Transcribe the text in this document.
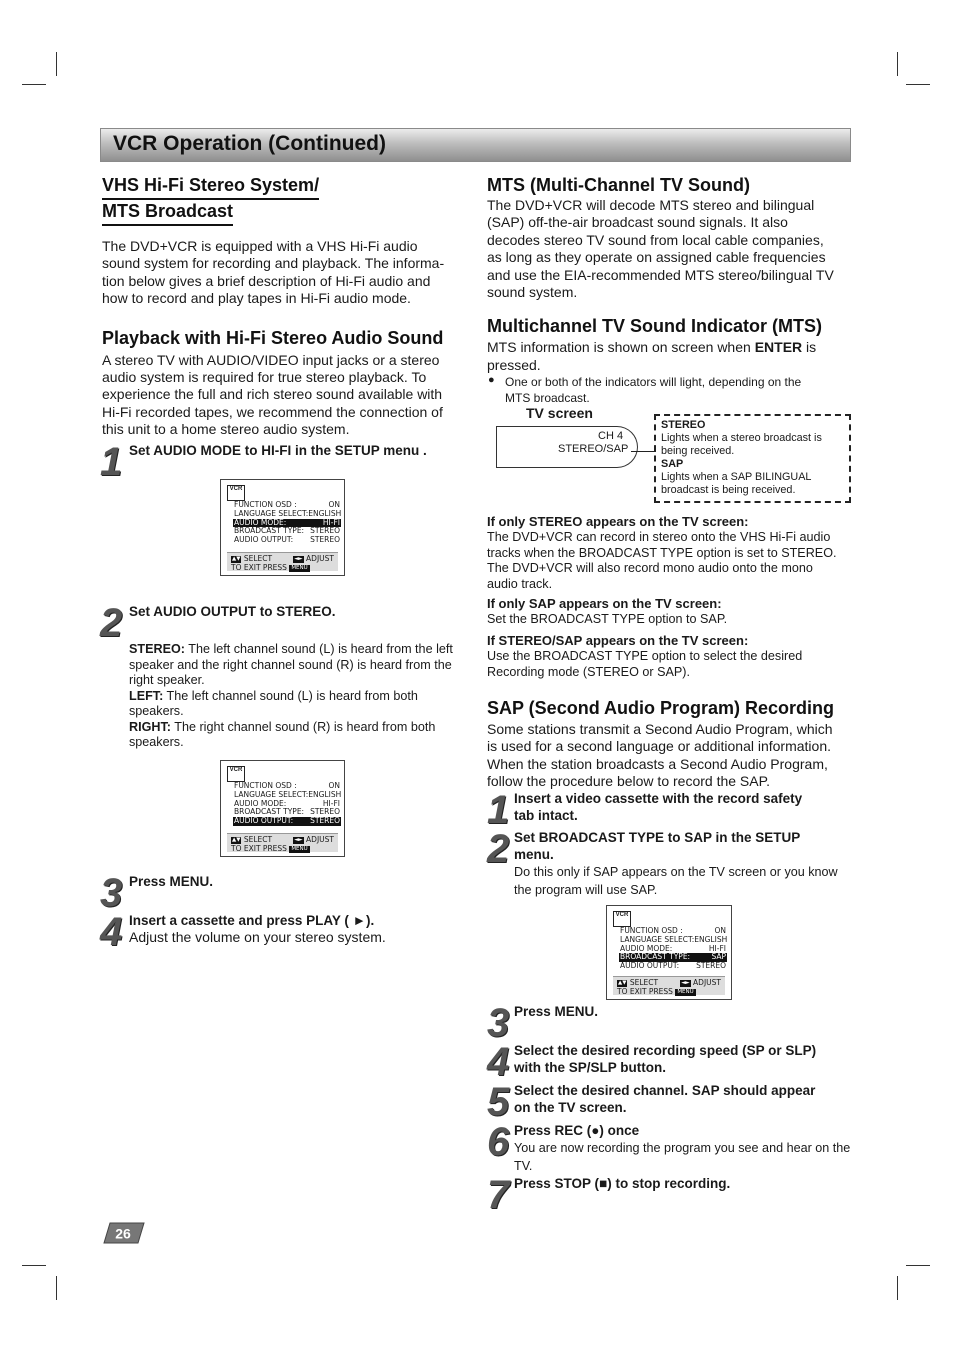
VCR Operation (Continued)
VHS Hi-Fi Stereo System/
MTS Broadcast

The DVD+VCR is equipped with a VHS Hi-Fi audio
sound system for recording and playback. The informa-
tion below gives a brief description of Hi-Fi audio and
how to record and play tapes in Hi-Fi audio mode.

Playback with Hi-Fi Stereo Audio Sound

A stereo TV with AUDIO/VIDEO input jacks or a stereo
audio system is required for true stereo playback. To
experience the full and rich stereo sound available with
Hi-Fi recorded tapes, we recommend the connection of
this unit to a home stereo audio system.

1 Set AUDIO MODE to HI-FI in the SETUP menu .

VCR
FUNCTION OSD :	ON
LANGUAGE SELECT:ENGLISH
AUDIO MODE:	HI-FI
BROADCAST TYPE: STEREO
AUDIO OUTPUT: STEREO
▲▼ SELECT	◄► ADJUST
TO EXIT PRESS MENU
2 Set AUDIO OUTPUT to STEREO.

STEREO: The left channel sound (L) is heard from the left
speaker and the right channel sound (R) is heard from the
right speaker.
LEFT: The left channel sound (L) is heard from both
speakers.
RIGHT: The right channel sound (R) is heard from both
speakers.

VCR
FUNCTION OSD :	ON
LANGUAGE SELECT:ENGLISH
AUDIO MODE:	HI-FI
BROADCAST TYPE: STEREO
AUDIO OUTPUT: STEREO
▲▼ SELECT	◄► ADJUST
TO EXIT PRESS MENU
3 Press MENU.

4 Insert a cassette and press PLAY ( ►).
Adjust the volume on your stereo system.

MTS (Multi-Channel TV Sound)

The DVD+VCR will decode MTS stereo and bilingual
(SAP) off-the-air broadcast sound signals. It also
decodes stereo TV sound from local cable companies,
as long as they operate on assigned cable frequencies
and use the EIA-recommended MTS stereo/bilingual TV
sound system.

Multichannel TV Sound Indicator (MTS)

MTS information is shown on screen when ENTER is
pressed.

● One or both of the indicators will light, depending on the
MTS broadcast.

TV screen
CH 4
STEREO/SAP
STEREO
Lights when a stereo broadcast is
being received.
SAP
Lights when a SAP BILINGUAL
broadcast is being received.

If only STEREO appears on the TV screen:

The DVD+VCR can record in stereo onto the VHS Hi-Fi audio
tracks when the BROADCAST TYPE option is set to STEREO.
The DVD+VCR will also record mono audio onto the mono
audio track.

If only SAP appears on the TV screen:

Set the BROADCAST TYPE option to SAP.

If STEREO/SAP appears on the TV screen:

Use the BROADCAST TYPE option to select the desired
Recording mode (STEREO or SAP).

SAP (Second Audio Program) Recording

Some stations transmit a Second Audio Program, which
is used for a second language or additional information.
When the station broadcasts a Second Audio Program,
follow the procedure below to record the SAP.

1 Insert a video cassette with the record safety
tab intact.

2 Set BROADCAST TYPE to SAP in the SETUP
menu.
Do this only if SAP appears on the TV screen or you know
the program will use SAP.

VCR
FUNCTION OSD :	ON
LANGUAGE SELECT:ENGLISH
AUDIO MODE:	HI-FI
BROADCAST TYPE:	SAP
AUDIO OUTPUT: STEREO
▲▼ SELECT	◄► ADJUST
TO EXIT PRESS MENU
3 Press MENU.

4 Select the desired recording speed (SP or SLP)
with the SP/SLP button.

5 Select the desired channel. SAP should appear
on the TV screen.

6 Press REC (●) once
You are now recording the program you see and hear on the
TV.

7 Press STOP (■) to stop recording.

26
